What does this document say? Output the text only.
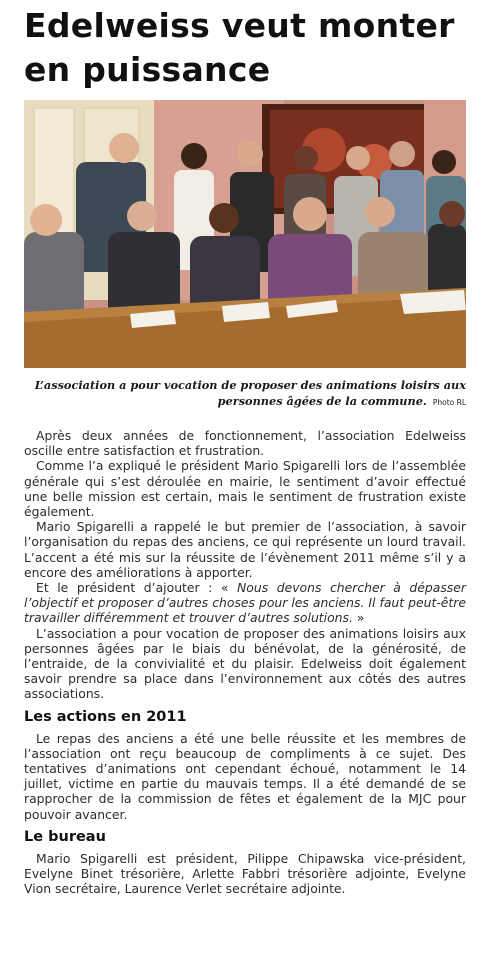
Edelweiss veut monter en puissance
L’association a pour vocation de proposer des animations loisirs aux personnes âgées de la commune. Photo RL

Après deux années de fonctionnement, l’association Edelweiss oscille entre satisfaction et frustration.

Comme l’a expliqué le président Mario Spigarelli lors de l’assemblée générale qui s’est déroulée en mairie, le sentiment d’avoir effectué une belle mission est certain, mais le sentiment de frustration existe également.

Mario Spigarelli a rappelé le but premier de l’association, à savoir l’organisation du repas des anciens, ce qui représente un lourd travail. L’accent a été mis sur la réussite de l’évènement 2011 même s’il y a encore des améliorations à apporter.

Et le président d’ajouter : « Nous devons chercher à dépasser l’objectif et proposer d’autres choses pour les anciens. Il faut peut-être travailler différemment et trouver d’autres solutions. »

L’association a pour vocation de proposer des animations loisirs aux personnes âgées par le biais du bénévolat, de la générosité, de l’entraide, de la convivialité et du plaisir. Edelweiss doit également savoir prendre sa place dans l’environnement aux côtés des autres associations.

Les actions en 2011

Le repas des anciens a été une belle réussite et les membres de l’association ont reçu beaucoup de compliments à ce sujet. Des tentatives d’animations ont cependant échoué, notamment le 14 juillet, victime en partie du mauvais temps. Il a été demandé de se rapprocher de la commission de fêtes et également de la MJC pour pouvoir avancer.

Le bureau

Mario Spigarelli est président, Pilippe Chipawska vice-président, Evelyne Binet trésorière, Arlette Fabbri trésorière adjointe, Evelyne Vion secrétaire, Laurence Verlet secrétaire adjointe.
